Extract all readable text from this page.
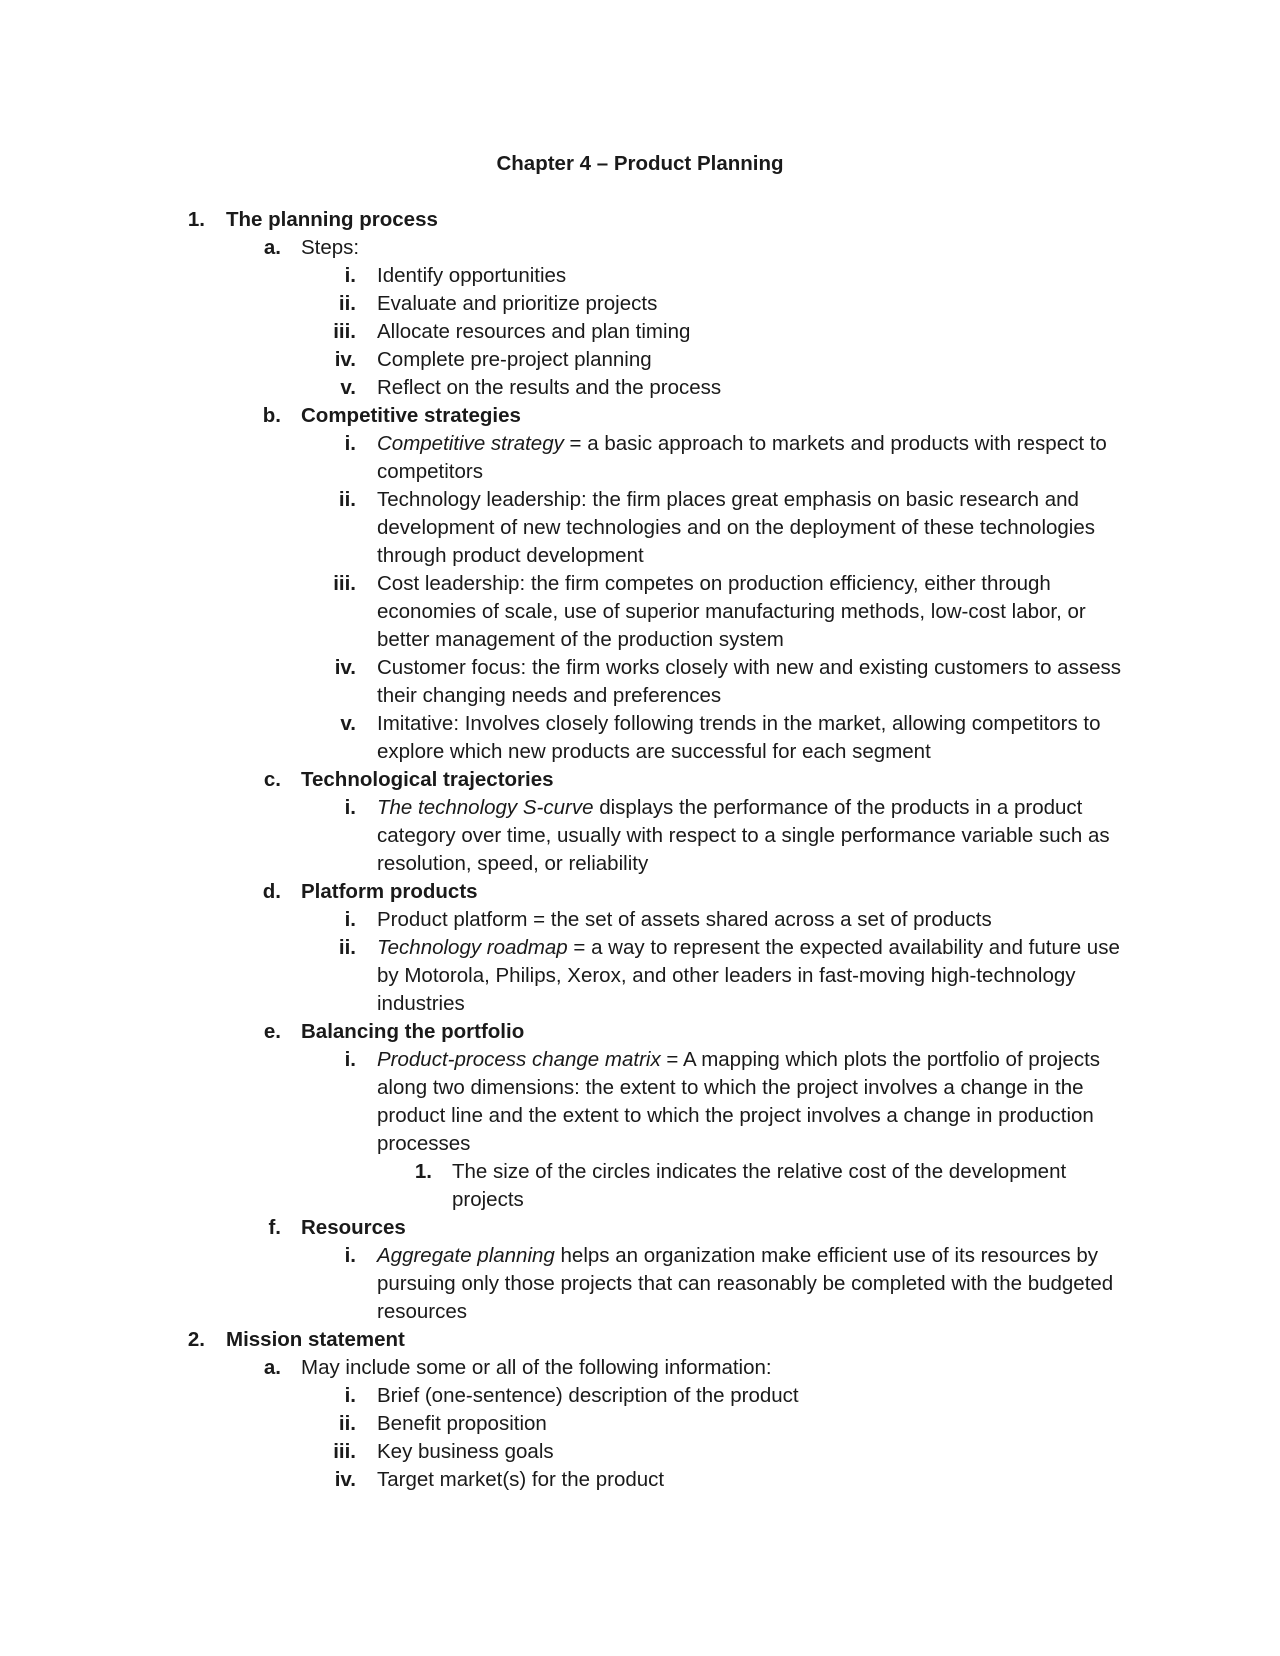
Chapter 4 – Product Planning
1. The planning process
a. Steps:
i. Identify opportunities
ii. Evaluate and prioritize projects
iii. Allocate resources and plan timing
iv. Complete pre-project planning
v. Reflect on the results and the process
b. Competitive strategies
i. Competitive strategy = a basic approach to markets and products with respect to competitors
ii. Technology leadership: the firm places great emphasis on basic research and development of new technologies and on the deployment of these technologies through product development
iii. Cost leadership: the firm competes on production efficiency, either through economies of scale, use of superior manufacturing methods, low-cost labor, or better management of the production system
iv. Customer focus: the firm works closely with new and existing customers to assess their changing needs and preferences
v. Imitative: Involves closely following trends in the market, allowing competitors to explore which new products are successful for each segment
c. Technological trajectories
i. The technology S-curve displays the performance of the products in a product category over time, usually with respect to a single performance variable such as resolution, speed, or reliability
d. Platform products
i. Product platform = the set of assets shared across a set of products
ii. Technology roadmap = a way to represent the expected availability and future use by Motorola, Philips, Xerox, and other leaders in fast-moving high-technology industries
e. Balancing the portfolio
i. Product-process change matrix = A mapping which plots the portfolio of projects along two dimensions: the extent to which the project involves a change in the product line and the extent to which the project involves a change in production processes
1. The size of the circles indicates the relative cost of the development projects
f. Resources
i. Aggregate planning helps an organization make efficient use of its resources by pursuing only those projects that can reasonably be completed with the budgeted resources
2. Mission statement
a. May include some or all of the following information:
i. Brief (one-sentence) description of the product
ii. Benefit proposition
iii. Key business goals
iv. Target market(s) for the product
